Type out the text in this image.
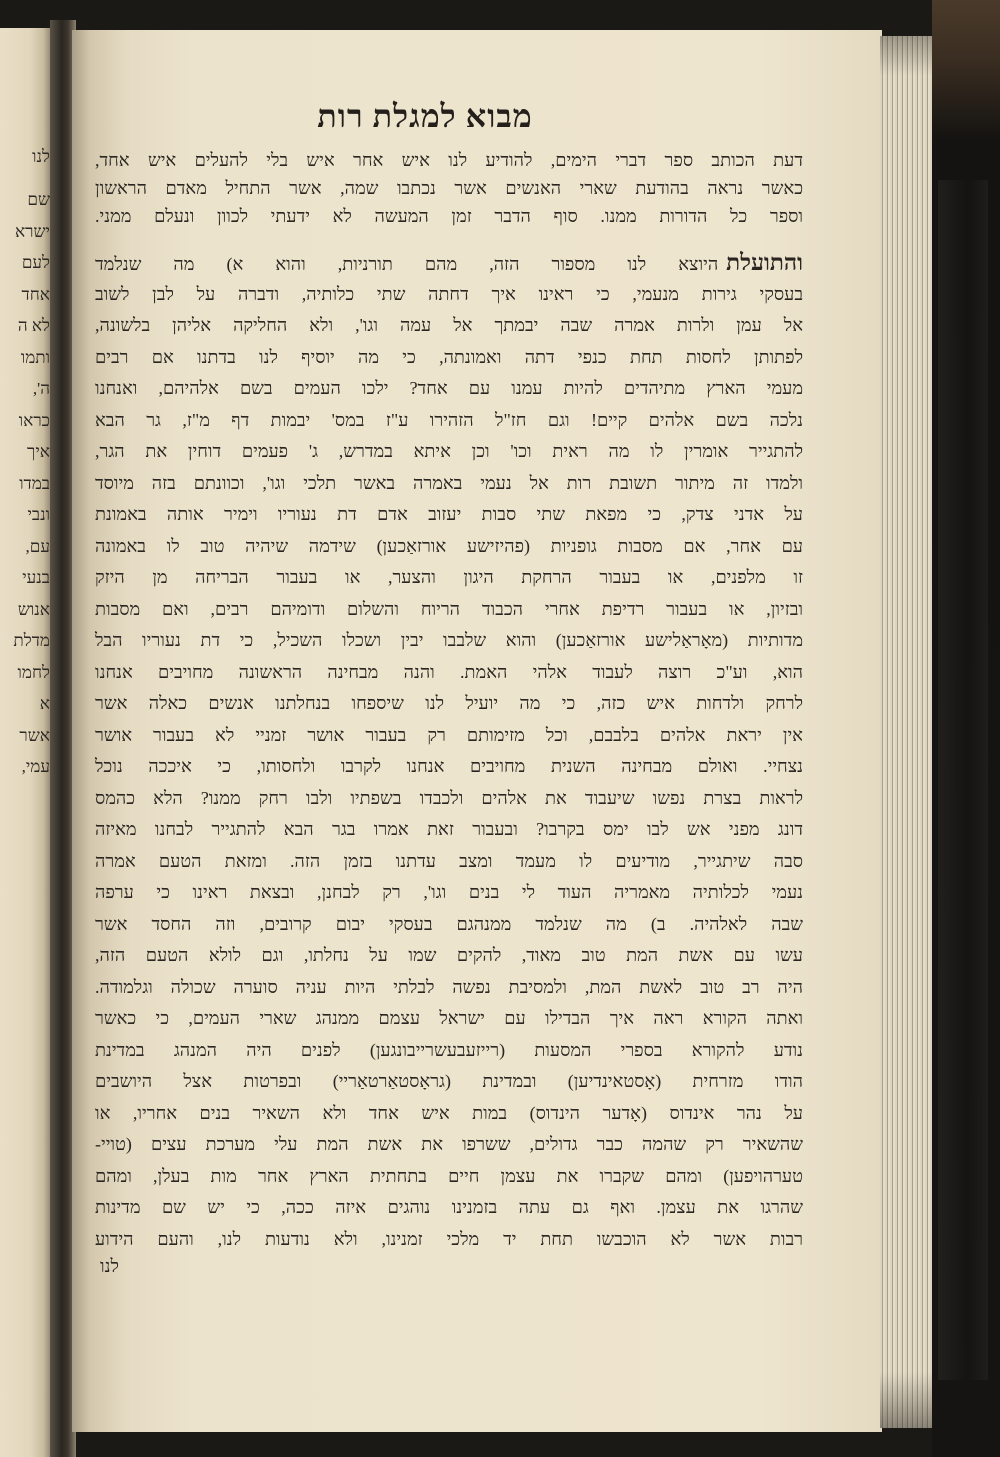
לנו
שם
ישרא
לעם
אחד
לא ה
ותמו
ה',
כראו
איך
במדו
ונבי
עם,
בנעי
אנוש
מדלת
לחמו
א
אשר
עמי,
מבוא למגלת רות
דעת הכותב ספר דברי הימים, להודיע לנו איש אחר איש בלי להעלים איש אחד,
כאשר נראה בהודעת שארי האנשים אשר נכתבו שמה, אשר התחיל מאדם הראשון
וספר כל הדורות ממנו. סוף הדבר זמן המעשה לא ידעתי לכוון ונעלם ממני.
והתועלתהיוצא לנו מספור הזה, מהם תורניות, והוא א) מה שנלמד
בעסקי גירות מנעמי, כי ראינו איך דחתה שתי כלותיה, ודברה על לבן לשוב
אל עמן ולרות אמרה שבה יבמתך אל עמה וגו', ולא החליקה אליהן בלשונה,
לפתותן לחסות תחת כנפי דתה ואמונתה, כי מה יוסיף לנו בדתנו אם רבים
מעמי הארץ מתיהדים להיות עמנו עם אחד? ילכו העמים בשם אלהיהם, ואנחנו
נלכה בשם אלהים קיים! וגם חז"ל הזהירו ע"ז במס' יבמות דף מ"ז, גר הבא
להתגייר אומרין לו מה ראית וכו' וכן איתא במדרש, ג' פעמים דוחין את הגר,
ולמדו זה מיתור תשובת רות אל נעמי באמרה באשר תלכי וגו', וכוונתם בזה מיוסד
על אדני צדק, כי מפאת שתי סבות יעזוב אדם דת נעוריו וימיר אותה באמונת
עם אחר, אם מסבות גופניות (פהיזישע אורזאַכען) שידמה שיהיה טוב לו באמונה
זו מלפנים, או בעבור הרחקת היגון והצער, או בעבור הבריחה מן היזק
ובזיון, או בעבור רדיפת אחרי הכבוד הריוח והשלום ודומיהם רבים, ואם מסבות
מדותיות (מאָראַלישע אורזאַכען) והוא שלבבו יבין ושכלו השכיל, כי דת נעוריו הבל
הוא, וע"כ רוצה לעבוד אלהי האמת. והנה מבחינה הראשונה מחויבים אנחנו
לרחק ולדחות איש כזה, כי מה יועיל לנו שיספחו בנחלתנו אנשים כאלה אשר
אין יראת אלהים בלבבם, וכל מזימותם רק בעבור אושר זמניי לא בעבור אושר
נצחיי. ואולם מבחינה השנית מחויבים אנחנו לקרבו ולחסותו, כי איככה נוכל
לראות בצרת נפשו שיעבוד את אלהים ולכבדו בשפתיו ולבו רחק ממנו? הלא כהמס
דונג מפני אש לבו ימס בקרבו? ובעבור זאת אמרו בגר הבא להתגייר לבחנו מאיזה
סבה שיתגייר, מודיעים לו מעמד ומצב עדתנו בזמן הזה. ומזאת הטעם אמרה
נעמי לכלותיה מאמריה העוד לי בנים וגו', רק לבחנן, ובצאת ראינו כי ערפה
שבה לאלהיה. ב) מה שנלמד ממנהגם בעסקי יבום קרובים, וזה החסד אשר
עשו עם אשת המת טוב מאוד, להקים שמו על נחלתו, וגם לולא הטעם הזה,
היה רב טוב לאשת המת, ולמסיבת נפשה לבלתי היות עניה סוערה שכולה וגלמודה.
ואתה הקורא ראה איך הבדילו עם ישראל עצמם ממנהג שארי העמים, כי כאשר
נודע להקורא בספרי המסעות (רייזעבעשרייבונגען) לפנים היה המנהג במדינת
הודו מזרחית (אָסטאינדיען) ובמדינת (גראָסטאַרטאַריי) ובפרטות אצל היושבים
על נהר אינדוס (אָדער הינדוס) במות איש אחד ולא השאיר בנים אחריו, או
שהשאיר רק שהמה כבר גדולים, ששרפו את אשת המת עלי מערכת עצים (טויי-
טערהויפען) ומהם שקברו את עצמן חיים בתחתית הארץ אחר מות בעלן, ומהם
שהרגו את עצמן. ואף גם עתה בזמנינו נוהגים איזה ככה, כי יש שם מדינות
רבות אשר לא הוכבשו תחת יד מלכי זמנינו, ולא נודעות לנו, והעם הידוע
לנו
